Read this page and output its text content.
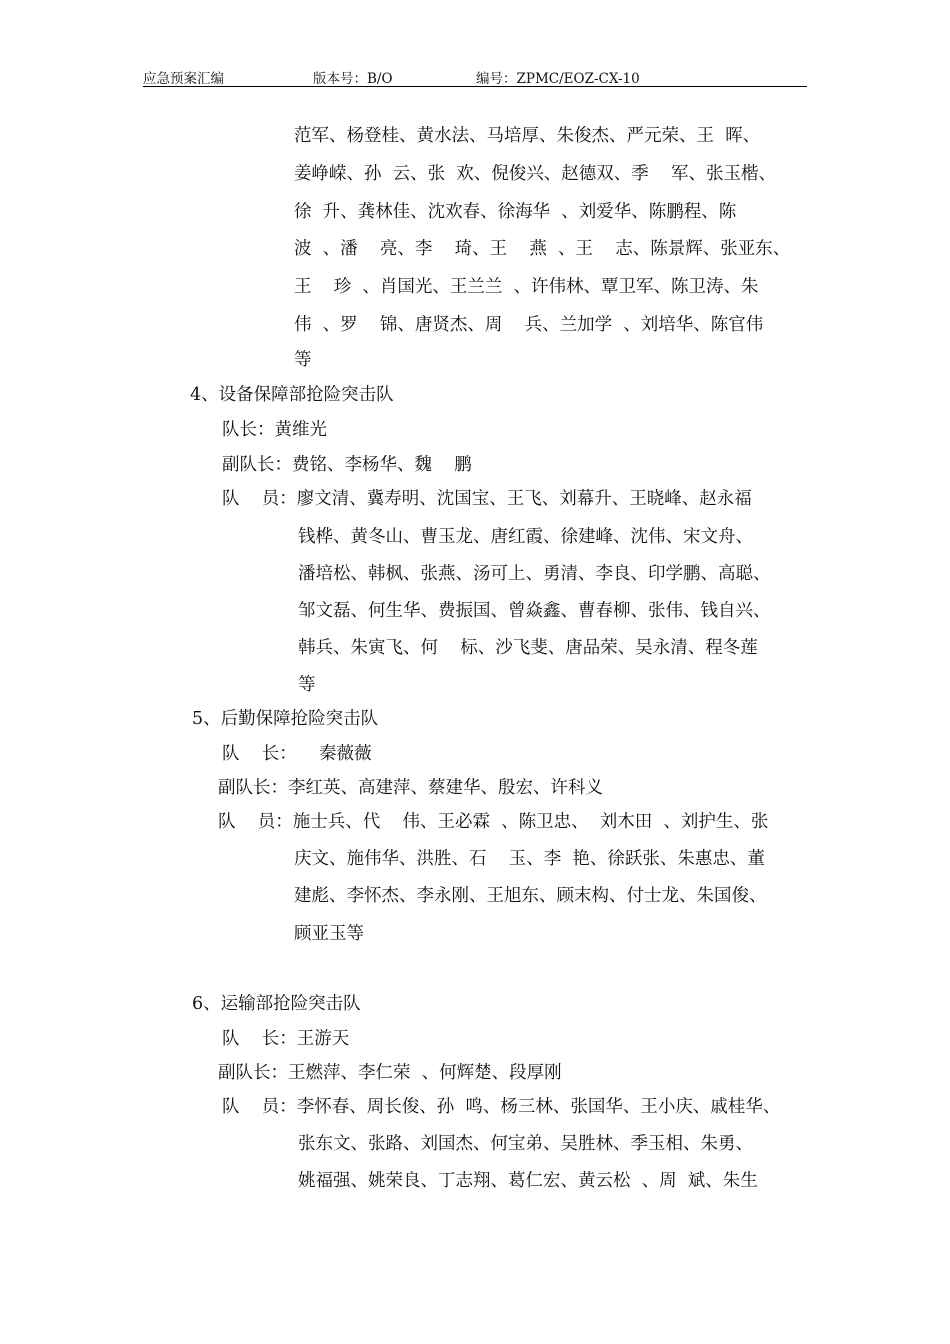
应急预案汇编	版本号：B/O	编号：ZPMC/EOZ-CX-10
范军、杨登桂、黄水法、马培厚、朱俊杰、严元荣、王  晖、
姜峥嵘、孙  云、张  欢、倪俊兴、赵德双、季    军、张玉楷、
徐  升、龚林佳、沈欢春、徐海华  、刘爱华、陈鹏程、陈
波  、潘    亮、李    琦、王    燕  、王    志、陈景辉、张亚东、
王    珍  、肖国光、王兰兰  、许伟林、覃卫军、陈卫涛、朱
伟  、罗    锦、唐贤杰、周    兵、兰加学  、刘培华、陈官伟
等
4、设备保障部抢险突击队
队长：黄维光
副队长：费铭、李杨华、魏    鹏
队    员：廖文清、冀寿明、沈国宝、王飞、刘幕升、王晓峰、赵永福
钱桦、黄冬山、曹玉龙、唐红霞、徐建峰、沈伟、宋文舟、
潘培松、韩枫、张燕、汤可上、勇清、李良、印学鹏、高聪、
邹文磊、何生华、费振国、曾焱鑫、曹春柳、张伟、钱自兴、
韩兵、朱寅飞、何    标、沙飞斐、唐品荣、吴永清、程冬莲
等
5、后勤保障抢险突击队
队    长：    秦薇薇
副队长：李红英、高建萍、蔡建华、殷宏、许科义
队    员：施士兵、代    伟、王必霖  、陈卫忠、  刘木田  、刘护生、张
庆文、施伟华、洪胜、石    玉、李  艳、徐跃张、朱惠忠、董
建彪、李怀杰、李永刚、王旭东、顾末构、付士龙、朱国俊、
顾亚玉等
6、运输部抢险突击队
队    长：王游天
副队长：王燃萍、李仁荣  、何辉楚、段厚刚
队    员：李怀春、周长俊、孙  鸣、杨三林、张国华、王小庆、戚桂华、
张东文、张路、刘国杰、何宝弟、吴胜林、季玉相、朱勇、
姚福强、姚荣良、丁志翔、葛仁宏、黄云松  、周  斌、朱生
